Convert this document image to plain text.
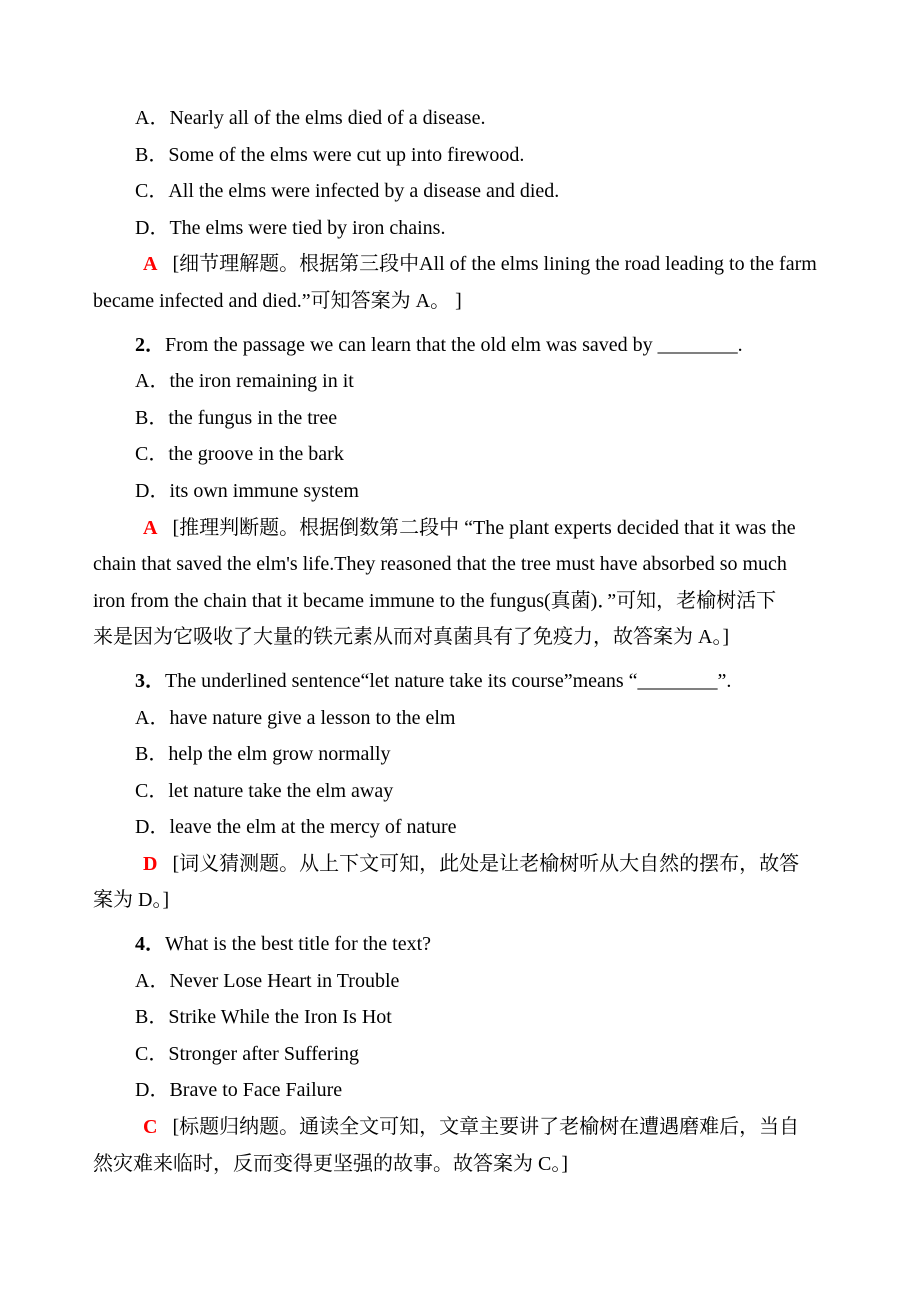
A．Nearly all of the elms died of a disease.
B．Some of the elms were cut up into firewood.
C．All the elms were infected by a disease and died.
D．The elms were tied by iron chains.
A [细节理解题。根据第三段中All of the elms lining the road leading to the farm
became infected and died.”可知答案为 A。 ]
2．From the passage we can learn that the old elm was saved by ________.
A．the iron remaining in it
B．the fungus in the tree
C．the groove in the bark
D．its own immune system
A [推理判断题。根据倒数第二段中 “The plant experts decided that it was the
chain that saved the elm's life.They reasoned that the tree must have absorbed so much
iron from the chain that it became immune to the fungus(真菌)．”可知，老榆树活下
来是因为它吸收了大量的铁元素从而对真菌具有了免疫力，故答案为 A。]
3．The underlined sentence“let nature take its course”means “________”.
A．have nature give a lesson to the elm
B．help the elm grow normally
C．let nature take the elm away
D．leave the elm at the mercy of nature
D [词义猜测题。从上下文可知，此处是让老榆树听从大自然的摆布，故答
案为 D。]
4．What is the best title for the text?
A．Never Lose Heart in Trouble
B．Strike While the Iron Is Hot
C．Stronger after Suffering
D．Brave to Face Failure
C [标题归纳题。通读全文可知，文章主要讲了老榆树在遭遇磨难后，当自
然灾难来临时，反而变得更坚强的故事。故答案为 C。]
